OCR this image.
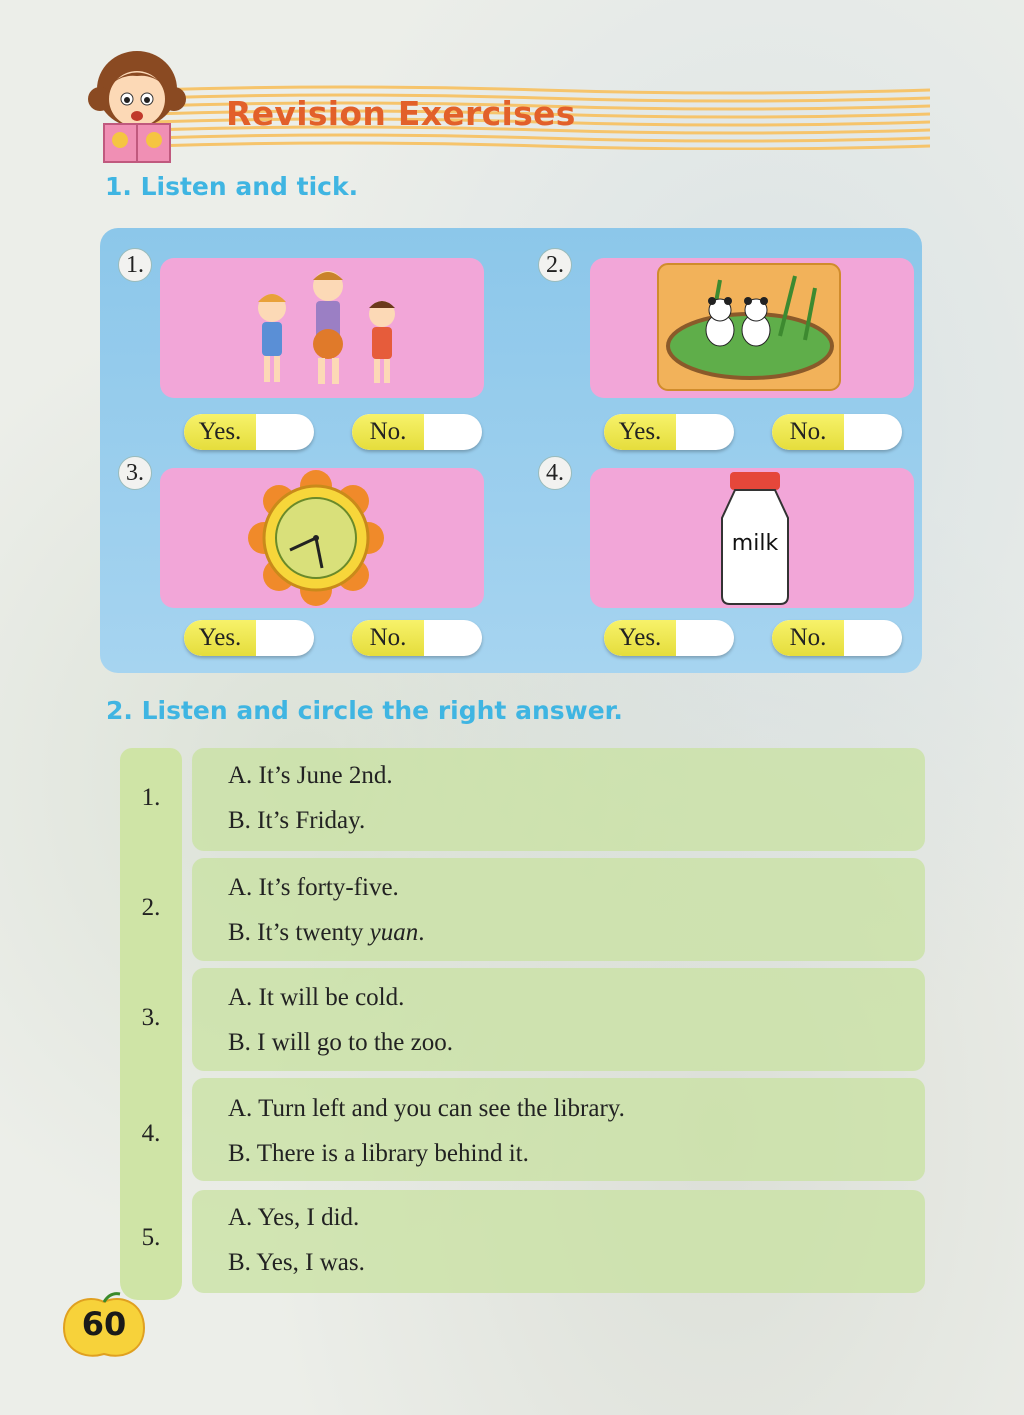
Revision Exercises
1. Listen and tick.
1.
Yes.	No.
2.
Yes.	No.
3.
Yes.	No.
4.
milk
Yes.	No.
2. Listen and circle the right answer.
1.
A. It’s June 2nd.
B. It’s Friday.
2.
A. It’s forty-five.
B. It’s twenty yuan.
3.
A. It will be cold.
B. I will go to the zoo.
4.
A. Turn left and you can see the library.
B. There is a library behind it.
5.
A. Yes, I did.
B. Yes, I was.
60
